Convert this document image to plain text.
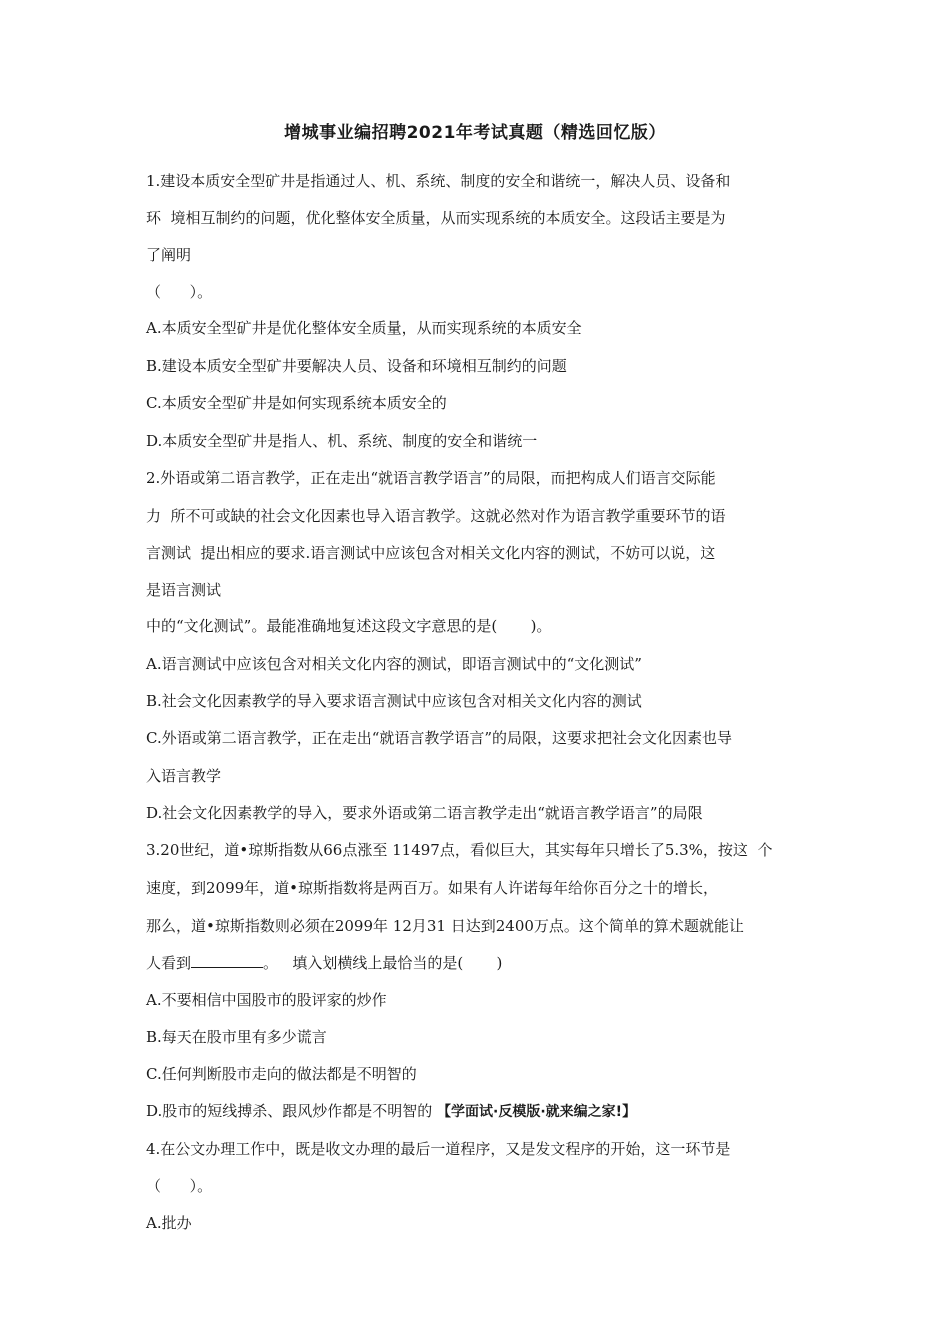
增城事业编招聘2021年考试真题（精选回忆版）
1.建设本质安全型矿井是指通过人、机、系统、制度的安全和谐统一，解决人员、设备和
环  境相互制约的问题，优化整体安全质量，从而实现系统的本质安全。这段话主要是为
了阐明
（      ）。
A.本质安全型矿井是优化整体安全质量，从而实现系统的本质安全
B.建设本质安全型矿井要解决人员、设备和环境相互制约的问题
C.本质安全型矿井是如何实现系统本质安全的
D.本质安全型矿井是指人、机、系统、制度的安全和谐统一
2.外语或第二语言教学，正在走出“就语言教学语言”的局限，而把构成人们语言交际能
力  所不可或缺的社会文化因素也导入语言教学。这就必然对作为语言教学重要环节的语
言测试  提出相应的要求.语言测试中应该包含对相关文化内容的测试，不妨可以说，这
是语言测试
中的“文化测试”。最能准确地复述这段文字意思的是(       )。
A.语言测试中应该包含对相关文化内容的测试，即语言测试中的“文化测试”
B.社会文化因素教学的导入要求语言测试中应该包含对相关文化内容的测试
C.外语或第二语言教学，正在走出“就语言教学语言”的局限，这要求把社会文化因素也导
入语言教学
D.社会文化因素教学的导入，要求外语或第二语言教学走出“就语言教学语言”的局限
3.20世纪，道•琼斯指数从66点涨至 11497点，看似巨大，其实每年只增长了5.3%，按这  个
速度，到2099年，道•琼斯指数将是两百万。如果有人许诺每年给你百分之十的增长，
那么，道•琼斯指数则必须在2099年 12月31 日达到2400万点。这个简单的算术题就能让
人看到	。   填入划横线上最恰当的是(       )
A.不要相信中国股市的股评家的炒作
B.每天在股市里有多少谎言
C.任何判断股市走向的做法都是不明智的
D.股市的短线搏杀、跟风炒作都是不明智的 【学面试·反模版·就来编之家!】
4.在公文办理工作中，既是收文办理的最后一道程序，又是发文程序的开始，这一环节是
（      ）。
A.批办
